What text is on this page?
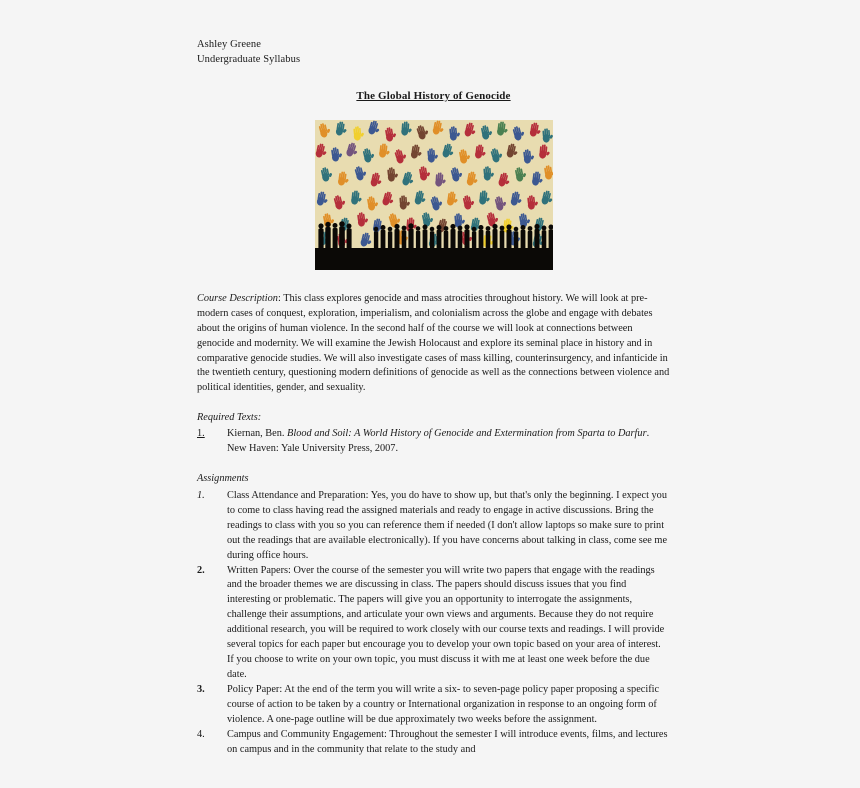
Ashley Greene
Undergraduate Syllabus
The Global History of Genocide

Course Description: This class explores genocide and mass atrocities throughout history. We will look at pre-modern cases of conquest, exploration, imperialism, and colonialism across the globe and engage with debates about the origins of human violence. In the second half of the course we will look at connections between genocide and modernity. We will examine the Jewish Holocaust and explore its seminal place in history and in comparative genocide studies. We will also investigate cases of mass killing, counterinsurgency, and infanticide in the twentieth century, questioning modern definitions of genocide as well as the connections between violence and political identities, gender, and sexuality.

Required Texts:
1. Kiernan, Ben. Blood and Soil: A World History of Genocide and Extermination from Sparta to Darfur. New Haven: Yale University Press, 2007.
Assignments
1.	Class Attendance and Preparation: Yes, you do have to show up, but that's only the beginning. I expect you to come to class having read the assigned materials and ready to engage in active discussions. Bring the readings to class with you so you can reference them if needed (I don't allow laptops so make sure to print out the readings that are available electronically). If you have concerns about talking in class, come see me during office hours.
2.	Written Papers: Over the course of the semester you will write two papers that engage with the readings and the broader themes we are discussing in class. The papers should discuss issues that you find interesting or problematic. The papers will give you an opportunity to interrogate the assignments, challenge their assumptions, and articulate your own views and arguments. Because they do not require additional research, you will be required to work closely with our course texts and readings. I will provide several topics for each paper but encourage you to develop your own topic based on your area of interest. If you choose to write on your own topic, you must discuss it with me at least one week before the due date.
3.	Policy Paper: At the end of the term you will write a six- to seven-page policy paper proposing a specific course of action to be taken by a country or International organization in response to an ongoing form of violence. A one-page outline will be due approximately two weeks before the assignment.
4.	Campus and Community Engagement: Throughout the semester I will introduce events, films, and lectures on campus and in the community that relate to the study and
